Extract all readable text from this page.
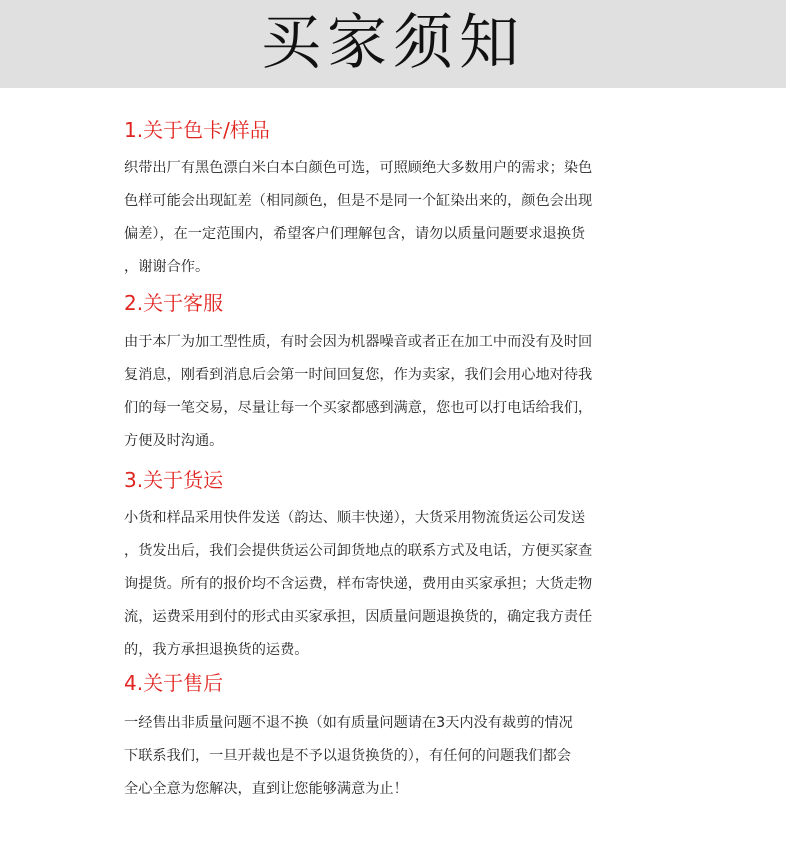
买家须知
1.关于色卡/样品
织带出厂有黑色漂白米白本白颜色可选，可照顾绝大多数用户的需求；染色
色样可能会出现缸差（相同颜色，但是不是同一个缸染出来的，颜色会出现
偏差），在一定范围内，希望客户们理解包含，请勿以质量问题要求退换货
，谢谢合作。
2.关于客服
由于本厂为加工型性质，有时会因为机器噪音或者正在加工中而没有及时回
复消息，刚看到消息后会第一时间回复您，作为卖家，我们会用心地对待我
们的每一笔交易，尽量让每一个买家都感到满意，您也可以打电话给我们，
方便及时沟通。
3.关于货运
小货和样品采用快件发送（韵达、顺丰快递），大货采用物流货运公司发送
，货发出后，我们会提供货运公司卸货地点的联系方式及电话，方便买家查
询提货。所有的报价均不含运费，样布寄快递，费用由买家承担；大货走物
流，运费采用到付的形式由买家承担，因质量问题退换货的，确定我方责任
的，我方承担退换货的运费。
4.关于售后
一经售出非质量问题不退不换（如有质量问题请在3天内没有裁剪的情况
下联系我们，一旦开裁也是不予以退货换货的），有任何的问题我们都会
全心全意为您解决，直到让您能够满意为止！
